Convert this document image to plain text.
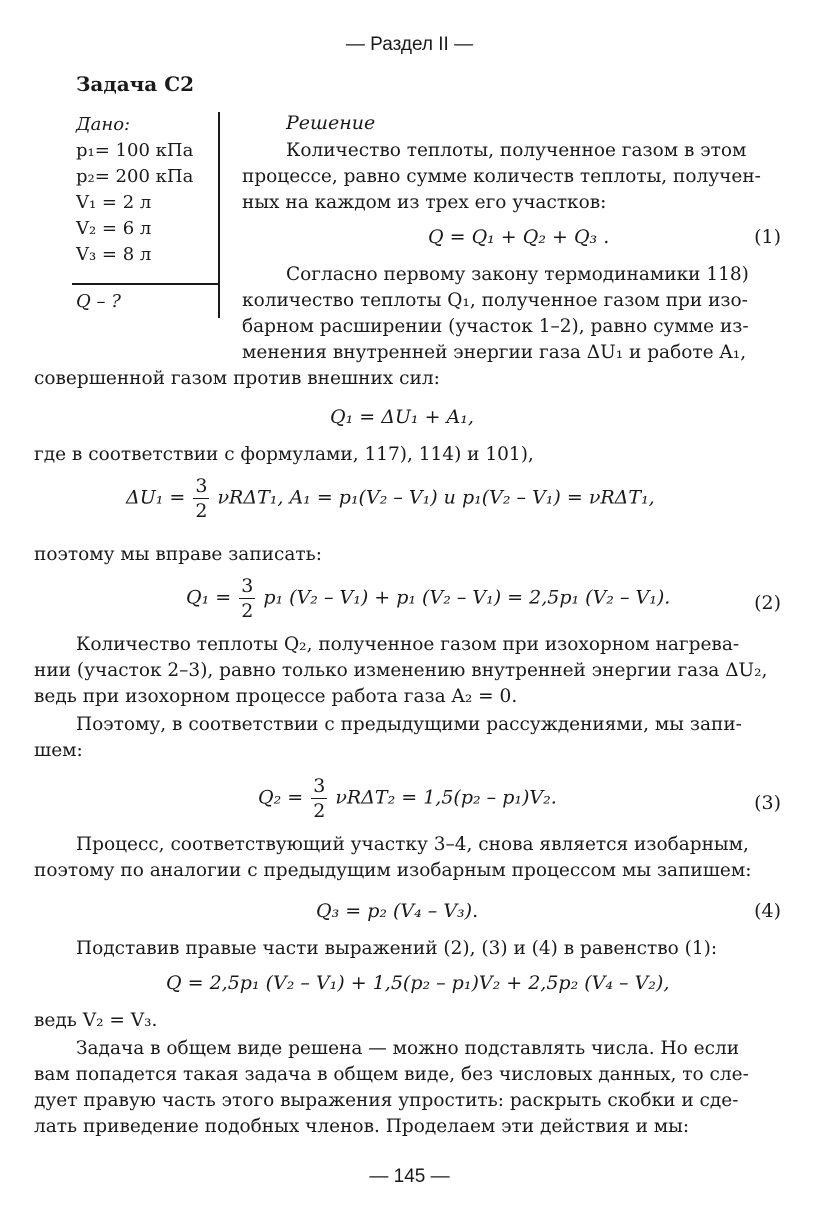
— Раздел II —
Задача С2
Дано:
p₁= 100 кПа
p₂= 200 кПа
V₁ = 2 л
V₂ = 6 л
V₃ = 8 л
Q – ?
Решение
Количество теплоты, полученное газом в этом
процессе, равно сумме количеств теплоты, получен-
ных на каждом из трех его участков:
Q = Q₁ + Q₂ + Q₃ .	(1)
Согласно первому закону термодинамики 118)
количество теплоты Q₁, полученное газом при изо-
барном расширении (участок 1–2), равно сумме из-
менения внутренней энергии газа ΔU₁ и работе A₁,
совершенной газом против внешних сил:
Q₁ = ΔU₁ + A₁,
где в соответствии с формулами, 117), 114) и 101),
$\Delta U_1 = \frac{3}{2} \nu R\Delta T_1$, A₁ = p₁(V₂ – V₁) и p₁(V₂ – V₁) = νRΔT₁,
поэтому мы вправе записать:
$Q_1 = \frac{3}{2} p_1$ (V₂ – V₁) + p₁ (V₂ – V₁) = 2,5p₁ (V₂ – V₁).	(2)
Количество теплоты Q₂, полученное газом при изохорном нагрева-
нии (участок 2–3), равно только изменению внутренней энергии газа ΔU₂,
ведь при изохорном процессе работа газа A₂ = 0.
Поэтому, в соответствии с предыдущими рассуждениями, мы запи-
шем:
$Q_2 = \frac{3}{2} \nu R\Delta T_2 = 1,5(p_2 - p_1)V_2$.	(3)
Процесс, соответствующий участку 3–4, снова является изобарным,
поэтому по аналогии с предыдущим изобарным процессом мы запишем:
Q₃ = p₂ (V₄ – V₃).	(4)
Подставив правые части выражений (2), (3) и (4) в равенство (1):
Q = 2,5p₁ (V₂ – V₁) + 1,5(p₂ – p₁)V₂ + 2,5p₂ (V₄ – V₂),
ведь V₂ = V₃.
Задача в общем виде решена — можно подставлять числа. Но если
вам попадется такая задача в общем виде, без числовых данных, то сле-
дует правую часть этого выражения упростить: раскрыть скобки и сде-
лать приведение подобных членов. Проделаем эти действия и мы:
— 145 —
